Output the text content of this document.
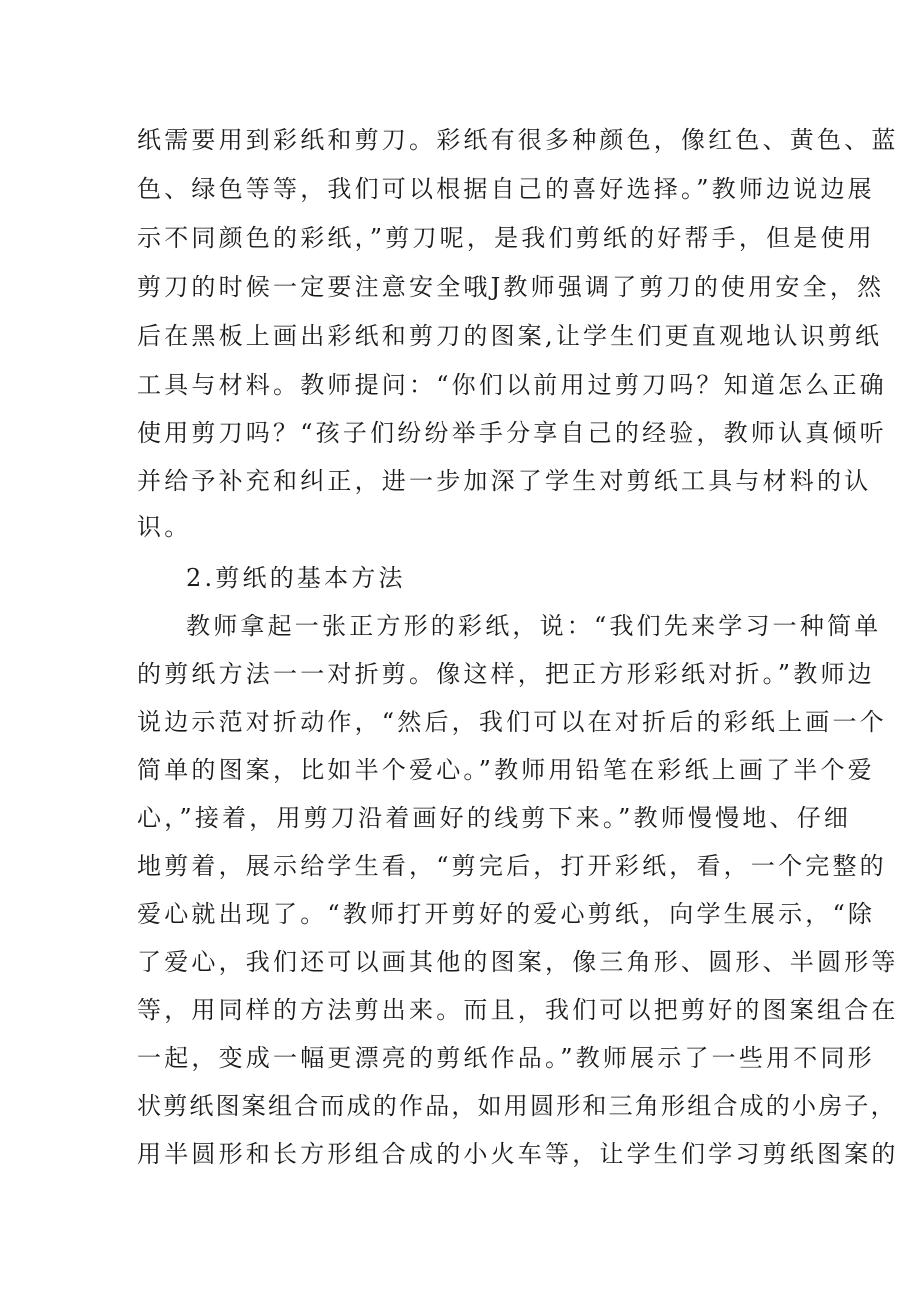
纸需要用到彩纸和剪刀。彩纸有很多种颜色，像红色、黄色、蓝
色、绿色等等，我们可以根据自己的喜好选择。”教师边说边展
示不同颜色的彩纸，”剪刀呢，是我们剪纸的好帮手，但是使用
剪刀的时候一定要注意安全哦J教师强调了剪刀的使用安全，然
后在黑板上画出彩纸和剪刀的图案,让学生们更直观地认识剪纸
工具与材料。教师提问：“你们以前用过剪刀吗？知道怎么正确
使用剪刀吗？“孩子们纷纷举手分享自己的经验，教师认真倾听
并给予补充和纠正，进一步加深了学生对剪纸工具与材料的认
识。
2.剪纸的基本方法
教师拿起一张正方形的彩纸，说：“我们先来学习一种简单
的剪纸方法一一对折剪。像这样，把正方形彩纸对折。”教师边
说边示范对折动作，“然后，我们可以在对折后的彩纸上画一个
简单的图案，比如半个爱心。”教师用铅笔在彩纸上画了半个爱
心，”接着，用剪刀沿着画好的线剪下来。”教师慢慢地、仔细
地剪着，展示给学生看，“剪完后，打开彩纸，看，一个完整的
爱心就出现了。“教师打开剪好的爱心剪纸，向学生展示，“除
了爱心，我们还可以画其他的图案，像三角形、圆形、半圆形等
等，用同样的方法剪出来。而且，我们可以把剪好的图案组合在
一起，变成一幅更漂亮的剪纸作品。”教师展示了一些用不同形
状剪纸图案组合而成的作品，如用圆形和三角形组合成的小房子，
用半圆形和长方形组合成的小火车等，让学生们学习剪纸图案的
